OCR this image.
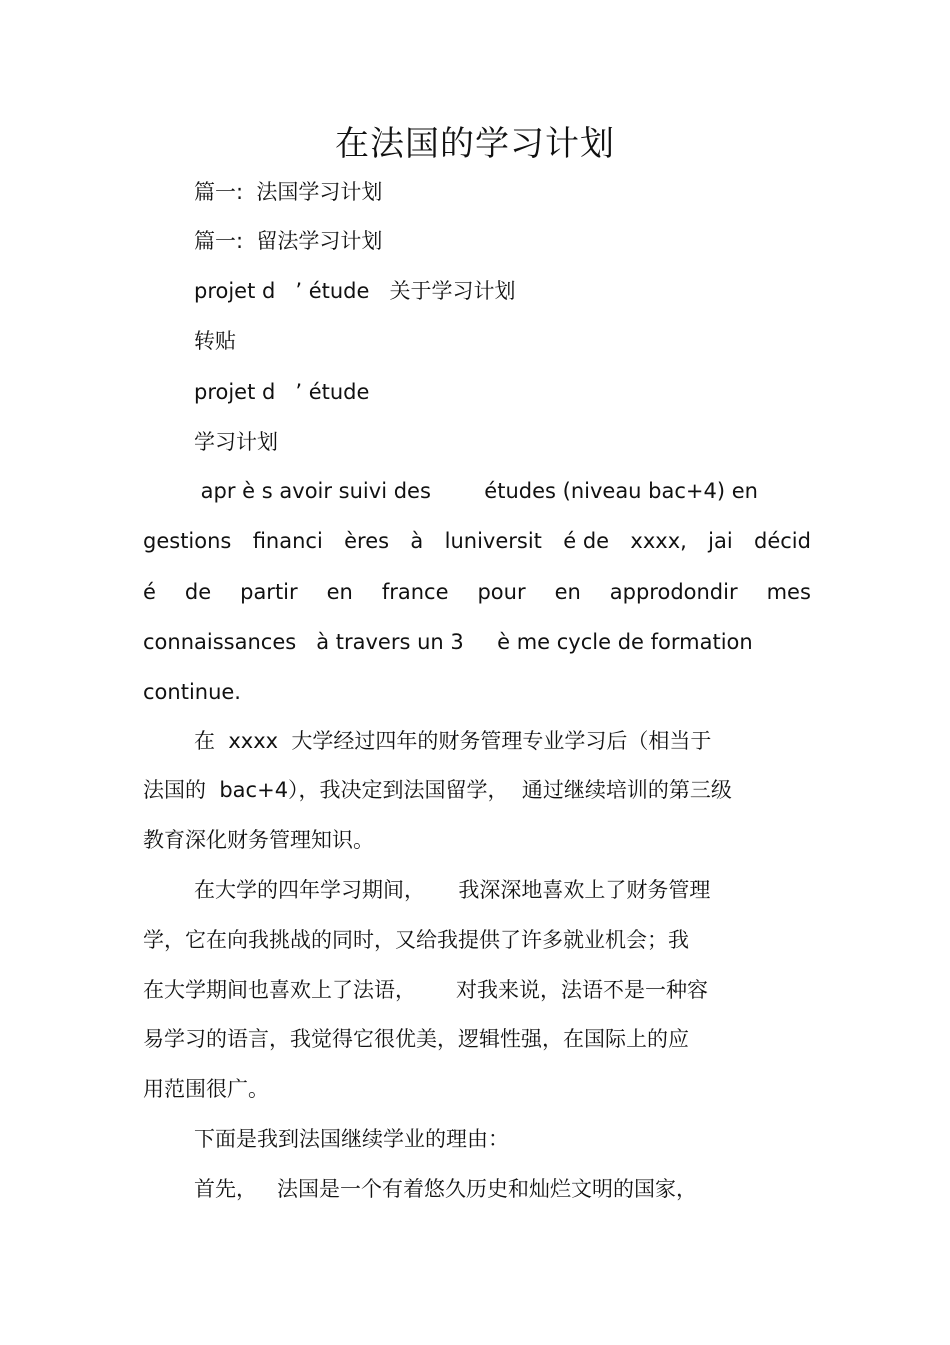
在法国的学习计划

篇一:  法国学习计划

篇一:  留法学习计划

projet d   ’ étude   关于学习计划

转贴

projet d   ’ étude

学习计划

apr è s avoir suivi des        études (niveau bac+4) en

gestions financi ères à luniversit é de xxxx, jai décid
é de partir en france pour en approdondir mes

connaissances   à travers un 3     è me cycle de formation

continue.

在  xxxx  大学经过四年的财务管理专业学习后（相当于

法国的  bac+4），我决定到法国留学，  通过继续培训的第三级

教育深化财务管理知识。

在大学的四年学习期间，     我深深地喜欢上了财务管理

学，它在向我挑战的同时，又给我提供了许多就业机会；我

在大学期间也喜欢上了法语，      对我来说，法语不是一种容

易学习的语言，我觉得它很优美，逻辑性强，在国际上的应

用范围很广。

下面是我到法国继续学业的理由：

首先，   法国是一个有着悠久历史和灿烂文明的国家，
